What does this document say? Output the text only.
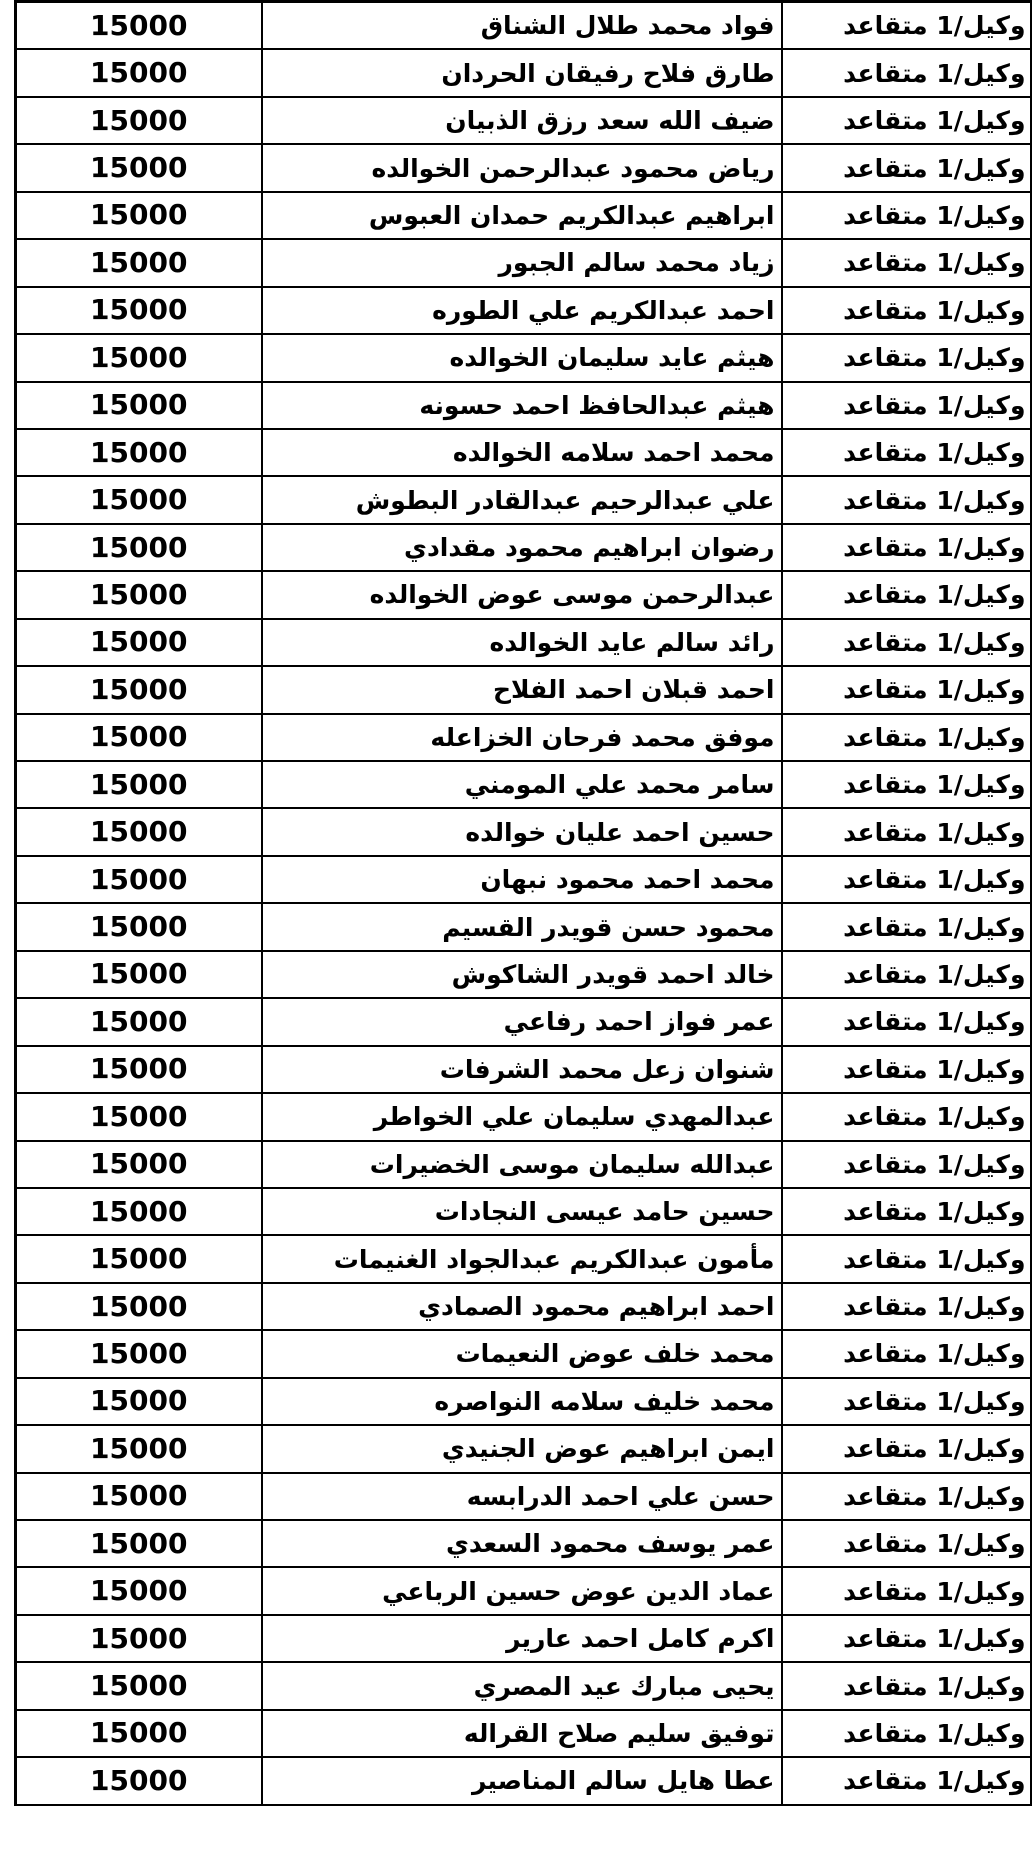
15000	فواد محمد طلال الشناق	وكيل/1 متقاعد
15000	طارق فلاح رفيقان الحردان	وكيل/1 متقاعد
15000	ضيف الله سعد رزق الذبيان	وكيل/1 متقاعد
15000	رياض محمود عبدالرحمن الخوالده	وكيل/1 متقاعد
15000	ابراهيم عبدالكريم حمدان العبوس	وكيل/1 متقاعد
15000	زياد محمد سالم الجبور	وكيل/1 متقاعد
15000	احمد عبدالكريم علي الطوره	وكيل/1 متقاعد
15000	هيثم عايد سليمان الخوالده	وكيل/1 متقاعد
15000	هيثم عبدالحافظ احمد حسونه	وكيل/1 متقاعد
15000	محمد احمد سلامه الخوالده	وكيل/1 متقاعد
15000	علي عبدالرحيم عبدالقادر البطوش	وكيل/1 متقاعد
15000	رضوان ابراهيم محمود مقدادي	وكيل/1 متقاعد
15000	عبدالرحمن موسى عوض الخوالده	وكيل/1 متقاعد
15000	رائد سالم عايد الخوالده	وكيل/1 متقاعد
15000	احمد قبلان احمد الفلاح	وكيل/1 متقاعد
15000	موفق محمد فرحان الخزاعله	وكيل/1 متقاعد
15000	سامر محمد علي المومني	وكيل/1 متقاعد
15000	حسين احمد عليان خوالده	وكيل/1 متقاعد
15000	محمد احمد محمود نبهان	وكيل/1 متقاعد
15000	محمود حسن قويدر القسيم	وكيل/1 متقاعد
15000	خالد احمد قويدر الشاكوش	وكيل/1 متقاعد
15000	عمر فواز احمد رفاعي	وكيل/1 متقاعد
15000	شنوان زعل محمد الشرفات	وكيل/1 متقاعد
15000	عبدالمهدي سليمان علي الخواطر	وكيل/1 متقاعد
15000	عبدالله سليمان موسى الخضيرات	وكيل/1 متقاعد
15000	حسين حامد عيسى النجادات	وكيل/1 متقاعد
15000	مأمون عبدالكريم عبدالجواد الغنيمات	وكيل/1 متقاعد
15000	احمد ابراهيم محمود الصمادي	وكيل/1 متقاعد
15000	محمد خلف عوض النعيمات	وكيل/1 متقاعد
15000	محمد خليف سلامه النواصره	وكيل/1 متقاعد
15000	ايمن ابراهيم عوض الجنيدي	وكيل/1 متقاعد
15000	حسن علي احمد الدرابسه	وكيل/1 متقاعد
15000	عمر يوسف محمود السعدي	وكيل/1 متقاعد
15000	عماد الدين عوض حسين الرباعي	وكيل/1 متقاعد
15000	اكرم كامل احمد عارير	وكيل/1 متقاعد
15000	يحيى مبارك عيد المصري	وكيل/1 متقاعد
15000	توفيق سليم صلاح القراله	وكيل/1 متقاعد
15000	عطا هايل سالم المناصير	وكيل/1 متقاعد
